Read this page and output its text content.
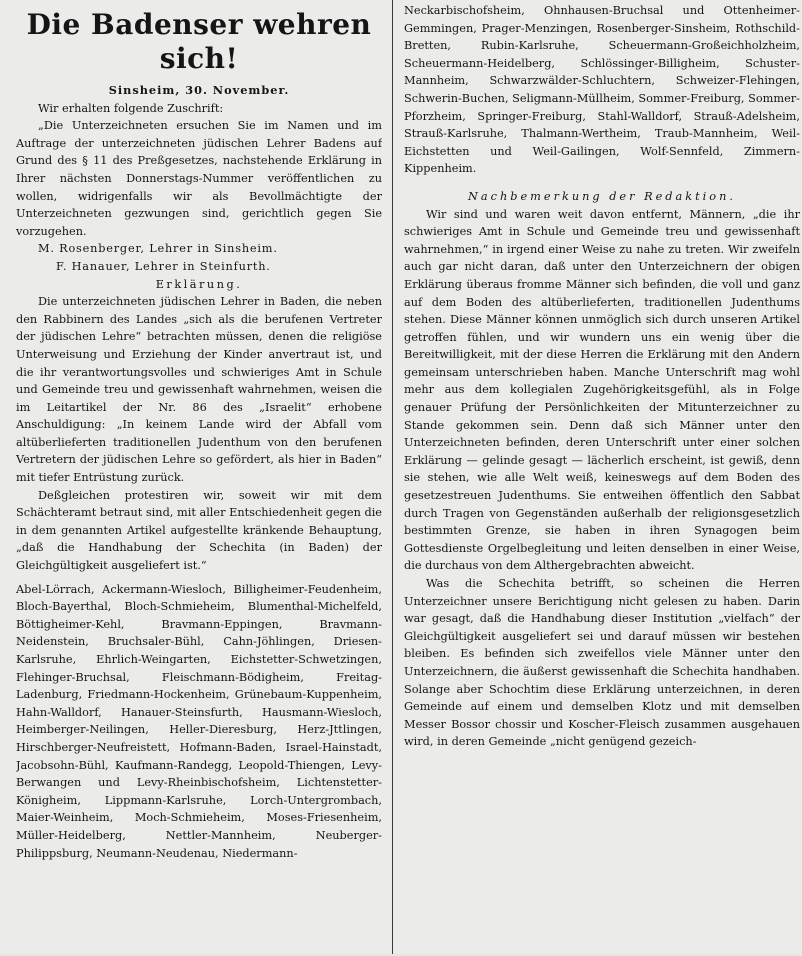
Die Badenser wehren sich!
Sinsheim, 30. November.

Wir erhalten folgende Zuschrift:

„Die Unterzeichneten ersuchen Sie im Namen und im Auftrage der unterzeichneten jüdischen Lehrer Badens auf Grund des § 11 des Preßgesetzes, nachstehende Erklärung in Ihrer nächsten Donnerstags-Nummer veröffentlichen zu wollen, widrigenfalls wir als Bevollmächtigte der Unterzeichneten gezwungen sind, gerichtlich gegen Sie vorzugehen.

M. Rosenberger, Lehrer in Sinsheim.
F. Hanauer, Lehrer in Steinfurth.
Erklärung.

Die unterzeichneten jüdischen Lehrer in Baden, die neben den Rabbinern des Landes „sich als die berufenen Vertreter der jüdischen Lehre“ betrachten müssen, denen die religiöse Unterweisung und Erziehung der Kinder anvertraut ist, und die ihr verantwortungsvolles und schwieriges Amt in Schule und Gemeinde treu und gewissenhaft wahrnehmen, weisen die im Leitartikel der Nr. 86 des „Israelit“ erhobene Anschuldigung: „In keinem Lande wird der Abfall vom altüberlieferten traditionellen Judenthum von den berufenen Vertretern der jüdischen Lehre so gefördert, als hier in Baden“ mit tiefer Entrüstung zurück.

Deßgleichen protestiren wir, soweit wir mit dem Schächteramt betraut sind, mit aller Entschiedenheit gegen die in dem genannten Artikel aufgestellte kränkende Behauptung, „daß die Handhabung der Schechita (in Baden) der Gleichgültigkeit ausgeliefert ist.“

Abel-Lörrach, Ackermann-Wiesloch, Billigheimer-Feudenheim, Bloch-Bayerthal, Bloch-Schmieheim, Blumenthal-Michelfeld, Böttigheimer-Kehl, Bravmann-Eppingen, Bravmann-Neidenstein, Bruchsaler-Bühl, Cahn-Jöhlingen, Driesen-Karlsruhe, Ehrlich-Weingarten, Eichstetter-Schwetzingen, Flehinger-Bruchsal, Fleischmann-Bödigheim, Freitag-Ladenburg, Friedmann-Hockenheim, Grünebaum-Kuppenheim, Hahn-Walldorf, Hanauer-Steinsfurth, Hausmann-Wiesloch, Heimberger-Neilingen, Heller-Dieresburg, Herz-Jttlingen, Hirschberger-Neufreistett, Hofmann-Baden, Israel-Hainstadt, Jacobsohn-Bühl, Kaufmann-Randegg, Leopold-Thiengen, Levy-Berwangen und Levy-Rheinbischofsheim, Lichtenstetter-Königheim, Lippmann-Karlsruhe, Lorch-Untergrombach, Maier-Weinheim, Moch-Schmieheim, Moses-Friesenheim, Müller-Heidelberg, Nettler-Mannheim, Neuberger-Philippsburg, Neumann-Neudenau, Niedermann-

Neckarbischofsheim, Ohnhausen-Bruchsal und Ottenheimer-Gemmingen, Prager-Menzingen, Rosenberger-Sinsheim, Rothschild-Bretten, Rubin-Karlsruhe, Scheuermann-Großeichholzheim, Scheuermann-Heidelberg, Schlössinger-Billigheim, Schuster-Mannheim, Schwarzwälder-Schluchtern, Schweizer-Flehingen, Schwerin-Buchen, Seligmann-Müllheim, Sommer-Freiburg, Sommer-Pforzheim, Springer-Freiburg, Stahl-Walldorf, Strauß-Adelsheim, Strauß-Karlsruhe, Thalmann-Wertheim, Traub-Mannheim, Weil-Eichstetten und Weil-Gailingen, Wolf-Sennfeld, Zimmern-Kippenheim.

Nachbemerkung der Redaktion.

Wir sind und waren weit davon entfernt, Männern, „die ihr schwieriges Amt in Schule und Gemeinde treu und gewissenhaft wahrnehmen,“ in irgend einer Weise zu nahe zu treten. Wir zweifeln auch gar nicht daran, daß unter den Unterzeichnern der obigen Erklärung überaus fromme Männer sich befinden, die voll und ganz auf dem Boden des altüberlieferten, traditionellen Judenthums stehen. Diese Männer können unmöglich sich durch unseren Artikel getroffen fühlen, und wir wundern uns ein wenig über die Bereitwilligkeit, mit der diese Herren die Erklärung mit den Andern gemeinsam unterschrieben haben. Manche Unterschrift mag wohl mehr aus dem kollegialen Zugehörigkeitsgefühl, als in Folge genauer Prüfung der Persönlichkeiten der Mitunterzeichner zu Stande gekommen sein. Denn daß sich Männer unter den Unterzeichneten befinden, deren Unterschrift unter einer solchen Erklärung — gelinde gesagt — lächerlich erscheint, ist gewiß, denn sie stehen, wie alle Welt weiß, keineswegs auf dem Boden des gesetzestreuen Judenthums. Sie entweihen öffentlich den Sabbat durch Tragen von Gegenständen außerhalb der religionsgesetzlich bestimmten Grenze, sie haben in ihren Synagogen beim Gottesdienste Orgelbegleitung und leiten denselben in einer Weise, die durchaus von dem Althergebrachten abweicht.

Was die Schechita betrifft, so scheinen die Herren Unterzeichner unsere Berichtigung nicht gelesen zu haben. Darin war gesagt, daß die Handhabung dieser Institution „vielfach“ der Gleichgültigkeit ausgeliefert sei und darauf müssen wir bestehen bleiben. Es befinden sich zweifellos viele Männer unter den Unterzeichnern, die äußerst gewissenhaft die Schechita handhaben. Solange aber Schochtim diese Erklärung unterzeichnen, in deren Gemeinde auf einem und demselben Klotz und mit demselben Messer Bossor chossir und Koscher-Fleisch zusammen ausgehauen wird, in deren Gemeinde „nicht genügend gezeich-
